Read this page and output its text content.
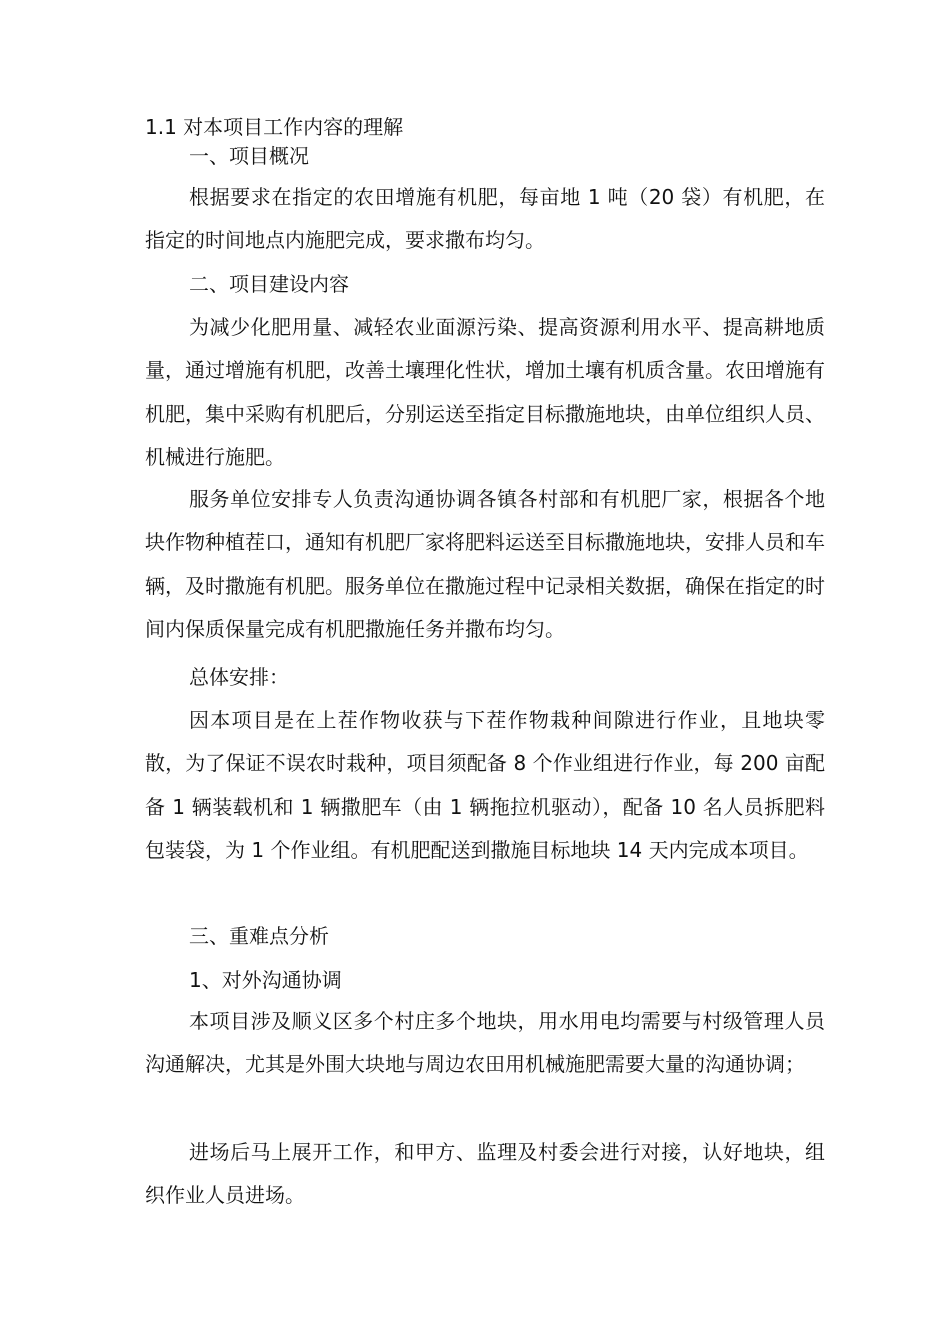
1.1 对本项目工作内容的理解
一、项目概况

根据要求在指定的农田增施有机肥，每亩地 1 吨（20 袋）有机肥，在指定的时间地点内施肥完成，要求撒布均匀。

二、项目建设内容

为减少化肥用量、减轻农业面源污染、提高资源利用水平、提高耕地质量，通过增施有机肥，改善土壤理化性状，增加土壤有机质含量。农田增施有机肥，集中采购有机肥后，分别运送至指定目标撒施地块，由单位组织人员、机械进行施肥。

服务单位安排专人负责沟通协调各镇各村部和有机肥厂家，根据各个地块作物种植茬口，通知有机肥厂家将肥料运送至目标撒施地块，安排人员和车辆，及时撒施有机肥。服务单位在撒施过程中记录相关数据，确保在指定的时间内保质保量完成有机肥撒施任务并撒布均匀。

总体安排：

因本项目是在上茬作物收获与下茬作物栽种间隙进行作业，且地块零散，为了保证不误农时栽种，项目须配备 8 个作业组进行作业，每 200 亩配备 1 辆装载机和 1 辆撒肥车（由 1 辆拖拉机驱动），配备 10 名人员拆肥料包装袋，为 1 个作业组。有机肥配送到撒施目标地块 14 天内完成本项目。

三、重难点分析
1、对外沟通协调

本项目涉及顺义区多个村庄多个地块，用水用电均需要与村级管理人员沟通解决，尤其是外围大块地与周边农田用机械施肥需要大量的沟通协调；

进场后马上展开工作，和甲方、监理及村委会进行对接，认好地块，组织作业人员进场。
